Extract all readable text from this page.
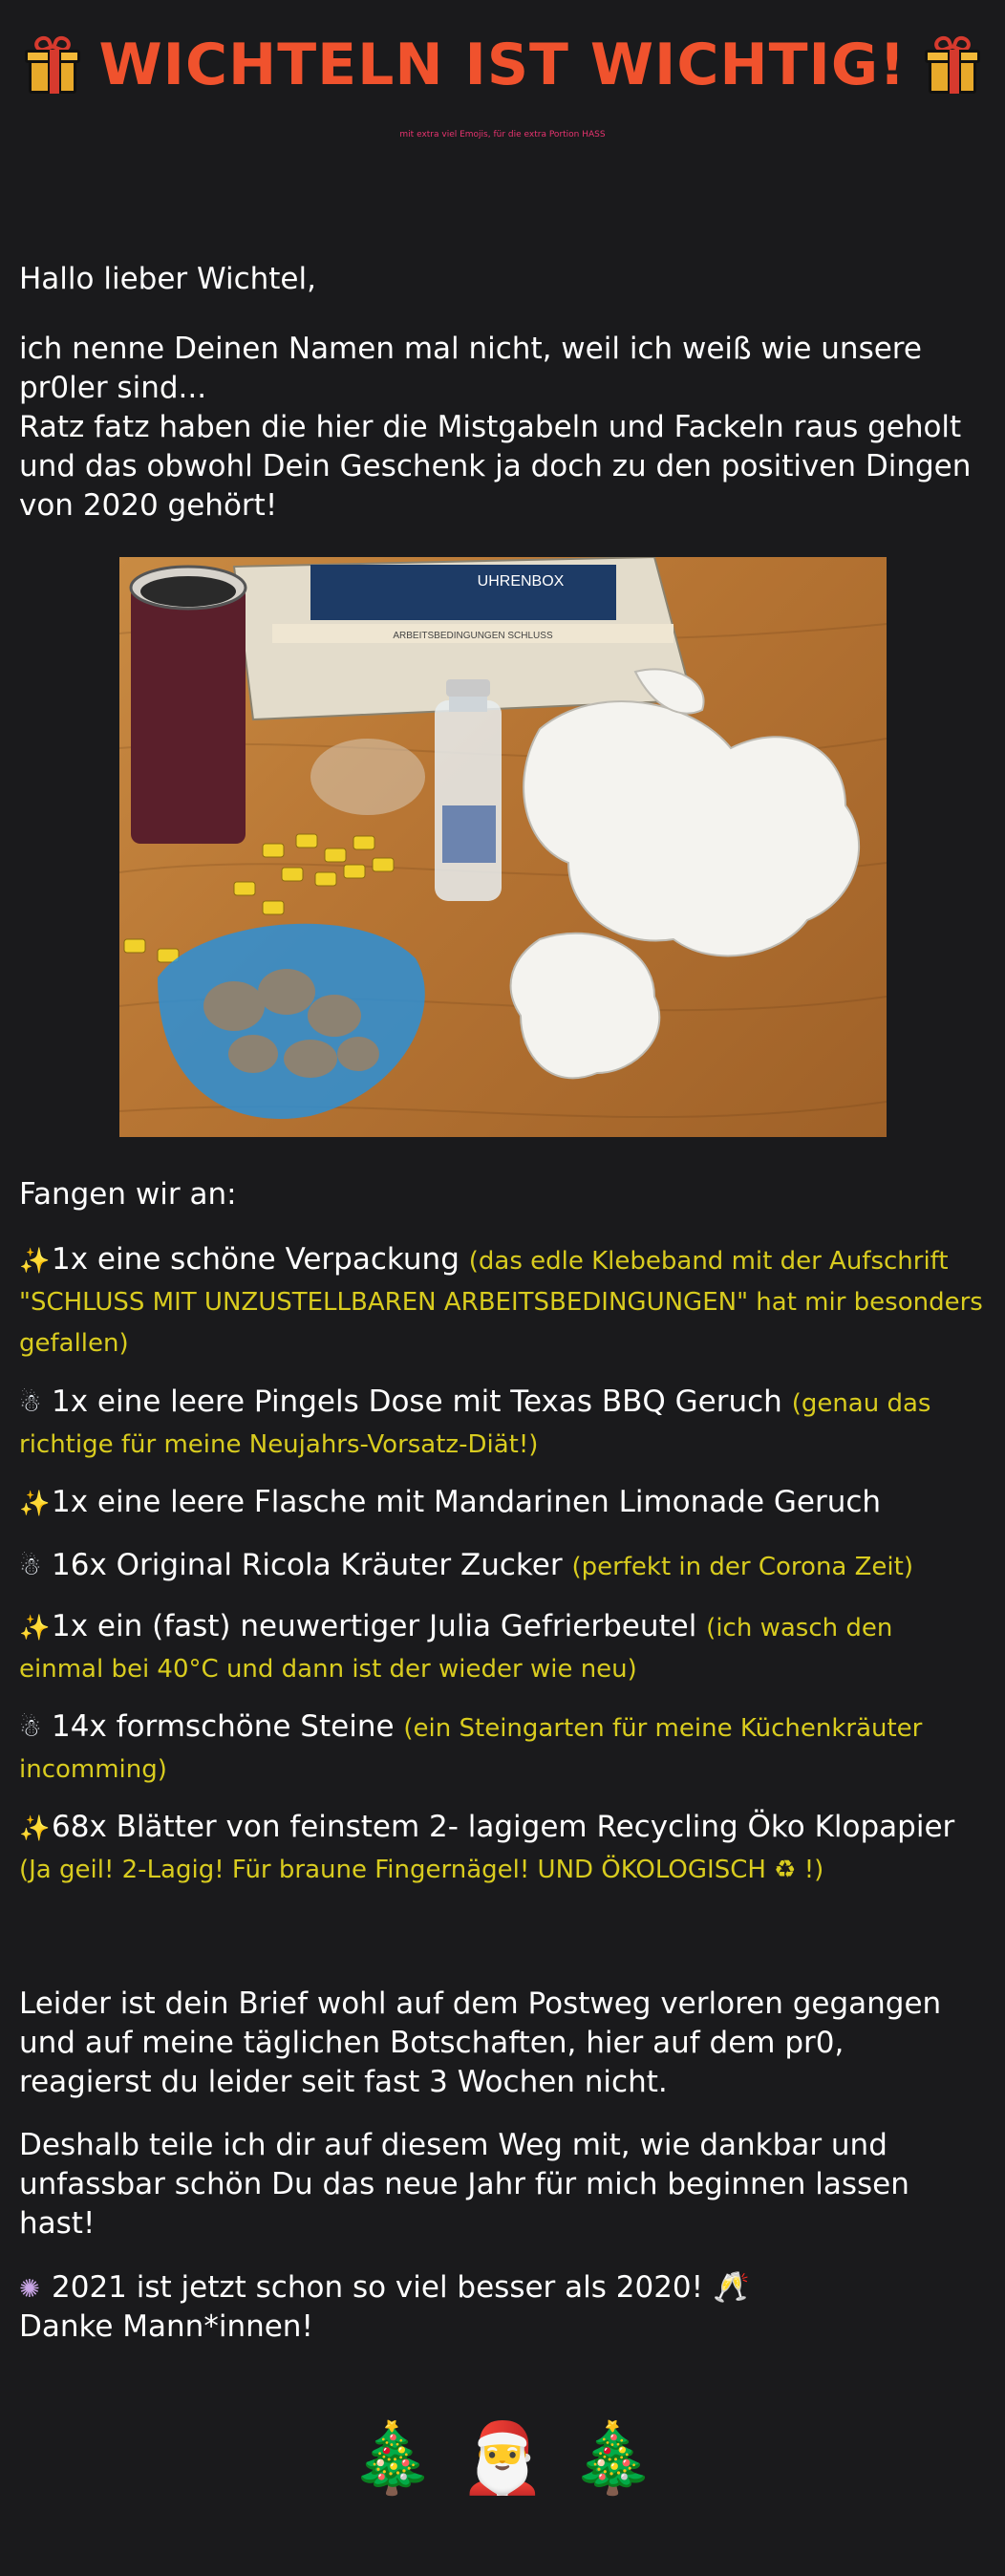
WICHTELN IST WICHTIG!
mit extra viel Emojis, für die extra Portion HASS

Hallo lieber Wichtel,

ich nenne Deinen Namen mal nicht, weil ich weiß wie unsere pr0ler sind...

Ratz fatz haben die hier die Mistgabeln und Fackeln raus geholt und das obwohl Dein Geschenk ja doch zu den positiven Dingen von 2020 gehört!

UHRENBOX
ARBEITSBEDINGUNGEN SCHLUSS

Fangen wir an:

✨1x eine schöne Verpackung (das edle Klebeband mit der Aufschrift "SCHLUSS MIT UNZUSTELLBAREN ARBEITSBEDINGUNGEN" hat mir besonders gefallen)
☃ 1x eine leere Pingels Dose mit Texas BBQ Geruch (genau das richtige für meine Neujahrs-Vorsatz-Diät!)
✨1x eine leere Flasche mit Mandarinen Limonade Geruch
☃ 16x Original Ricola Kräuter Zucker (perfekt in der Corona Zeit)
✨1x ein (fast) neuwertiger Julia Gefrierbeutel (ich wasch den einmal bei 40°C und dann ist der wieder wie neu)
☃ 14x formschöne Steine (ein Steingarten für meine Küchenkräuter incomming)
✨68x Blätter von feinstem 2- lagigem Recycling Öko Klopapier (Ja geil! 2-Lagig! Für braune Fingernägel! UND ÖKOLOGISCH ♻ !)

Leider ist dein Brief wohl auf dem Postweg verloren gegangen und auf meine täglichen Botschaften, hier auf dem pr0, reagierst du leider seit fast 3 Wochen nicht.

Deshalb teile ich dir auf diesem Weg mit, wie dankbar und unfassbar schön Du das neue Jahr für mich beginnen lassen hast!

✺ 2021 ist jetzt schon so viel besser als 2020! 🥂

Danke Mann*innen!

🎄 🎅 🎄
